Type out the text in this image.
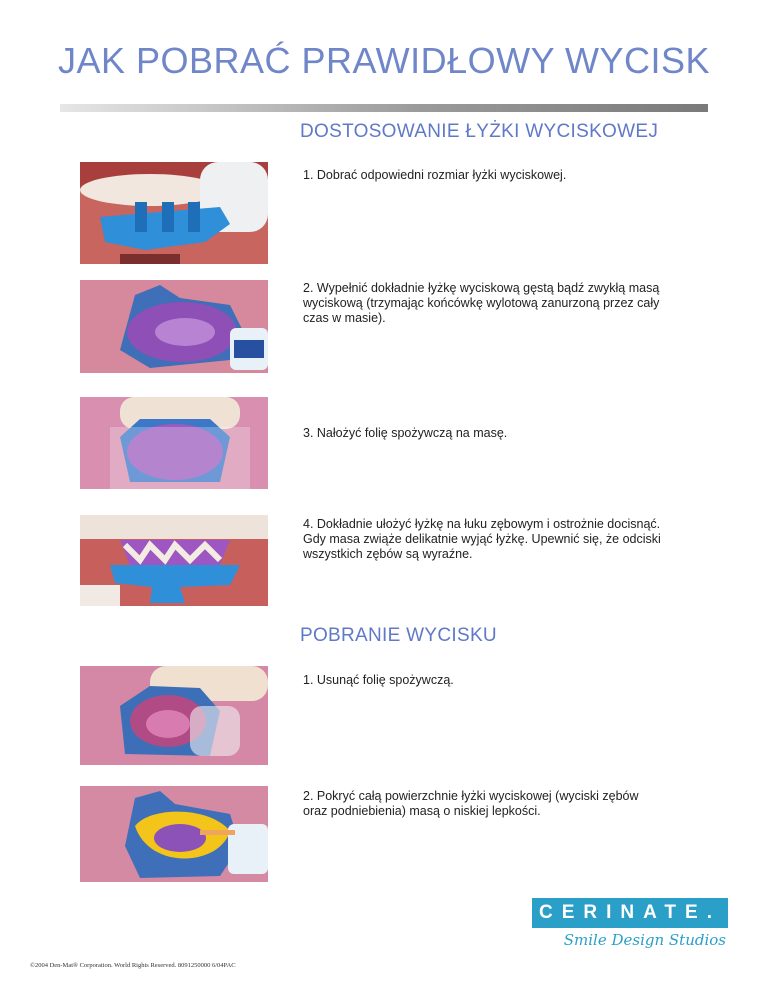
JAK POBRAĆ PRAWIDŁOWY WYCISK
DOSTOSOWANIE ŁYŻKI WYCISKOWEJ
1. Dobrać odpowiedni rozmiar łyżki wyciskowej.
2. Wypełnić dokładnie łyżkę wyciskową gęstą bądź zwykłą masą wyciskową (trzymając końcówkę wylotową zanurzoną przez cały czas w masie).
3. Nałożyć folię spożywczą na masę.
4. Dokładnie ułożyć łyżkę na łuku zębowym i ostrożnie docisnąć. Gdy masa zwiąże delikatnie wyjąć łyżkę. Upewnić się, że odciski wszystkich zębów są wyraźne.
POBRANIE WYCISKU
1. Usunąć folię spożywczą.
2. Pokryć całą powierzchnie łyżki wyciskowej (wyciski zębów oraz podniebienia) masą o niskiej lepkości.
CERINATE.
Smile Design Studios
©2004 Den-Mat® Corporation. World Rights Reserved. 8091250000 6/04PAC
